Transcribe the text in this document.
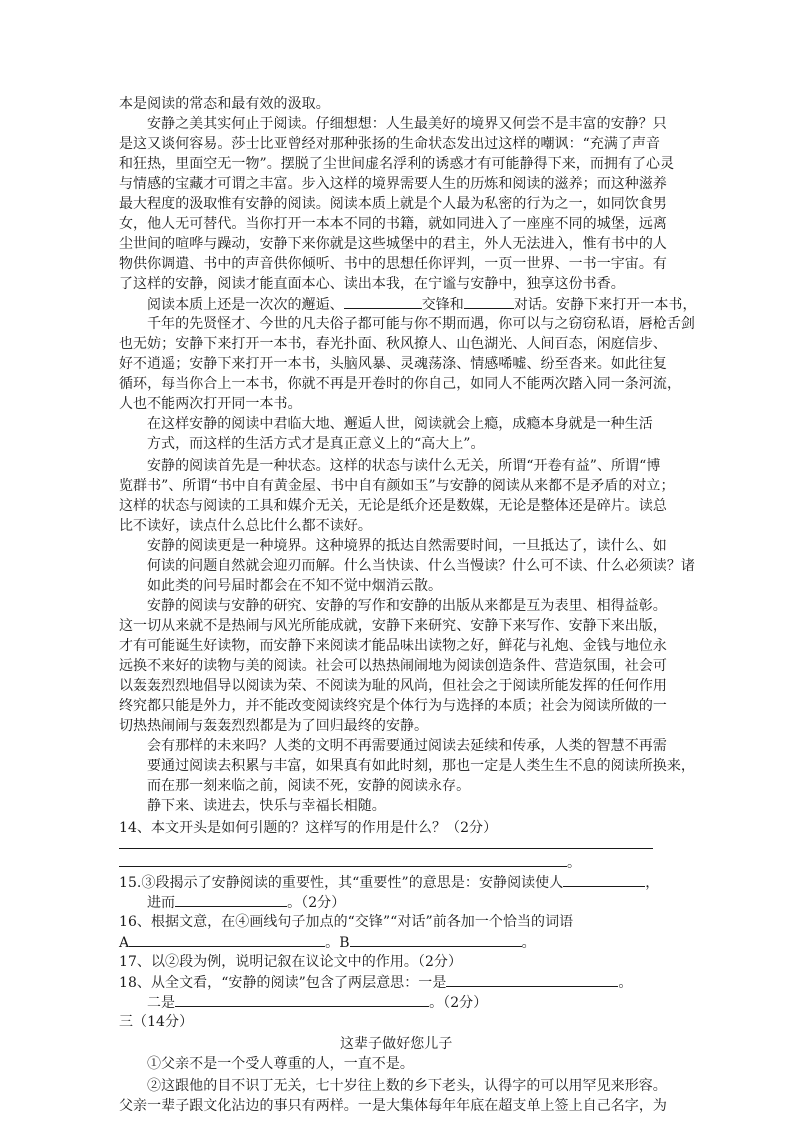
本是阅读的常态和最有效的汲取。
安静之美其实何止于阅读。仔细想想：人生最美好的境界又何尝不是丰富的安静？只
是这又谈何容易。莎士比亚曾经对那种张扬的生命状态发出过这样的嘲讽：“充满了声音
和狂热，里面空无一物”。摆脱了尘世间虚名浮利的诱惑才有可能静得下来，而拥有了心灵
与情感的宝藏才可谓之丰富。步入这样的境界需要人生的历炼和阅读的滋养；而这种滋养
最大程度的汲取惟有安静的阅读。阅读本质上就是个人最为私密的行为之一，如同饮食男
女，他人无可替代。当你打开一本本不同的书籍，就如同进入了一座座不同的城堡，远离
尘世间的喧哗与躁动，安静下来你就是这些城堡中的君主，外人无法进入，惟有书中的人
物供你调遣、书中的声音供你倾听、书中的思想任你评判，一页一世界、一书一宇宙。有
了这样的安静，阅读才能直面本心、读出本我，在宁谧与安静中，独享这份书香。
阅读本质上还是一次次的邂逅、	交锋和	对话。安静下来打开一本书，
千年的先贤怪才、今世的凡夫俗子都可能与你不期而遇，你可以与之窃窃私语，唇枪舌剑
也无妨；安静下来打开一本书，春光扑面、秋风撩人、山色湖光、人间百态，闲庭信步、
好不逍遥；安静下来打开一本书，头脑风暴、灵魂荡涤、情感唏嘘、纷至沓来。如此往复
循环，每当你合上一本书，你就不再是开卷时的你自己，如同人不能两次踏入同一条河流，
人也不能两次打开同一本书。
在这样安静的阅读中君临大地、邂逅人世，阅读就会上瘾，成瘾本身就是一种生活
方式，而这样的生活方式才是真正意义上的“高大上”。
安静的阅读首先是一种状态。这样的状态与读什么无关，所谓“开卷有益”、所谓“博
览群书”、所谓“书中自有黄金屋、书中自有颜如玉”与安静的阅读从来都不是矛盾的对立；
这样的状态与阅读的工具和媒介无关，无论是纸介还是数媒，无论是整体还是碎片。读总
比不读好，读点什么总比什么都不读好。
安静的阅读更是一种境界。这种境界的抵达自然需要时间，一旦抵达了，读什么、如
何读的问题自然就会迎刃而解。什么当快读、什么当慢读？什么可不读、什么必须读？诸
如此类的问号届时都会在不知不觉中烟消云散。
安静的阅读与安静的研究、安静的写作和安静的出版从来都是互为表里、相得益彰。
这一切从来就不是热闹与风光所能成就，安静下来研究、安静下来写作、安静下来出版，
才有可能诞生好读物，而安静下来阅读才能品味出读物之好，鲜花与礼炮、金钱与地位永
远换不来好的读物与美的阅读。社会可以热热闹闹地为阅读创造条件、营造氛围，社会可
以轰轰烈烈地倡导以阅读为荣、不阅读为耻的风尚，但社会之于阅读所能发挥的任何作用
终究都只能是外力，并不能改变阅读终究是个体行为与选择的本质；社会为阅读所做的一
切热热闹闹与轰轰烈烈都是为了回归最终的安静。
会有那样的未来吗？人类的文明不再需要通过阅读去延续和传承，人类的智慧不再需
要通过阅读去积累与丰富，如果真有如此时刻，那也一定是人类生生不息的阅读所换来，
而在那一刻来临之前，阅读不死，安静的阅读永存。
静下来、读进去，快乐与幸福长相随。
14、本文开头是如何引题的？这样写的作用是什么？（2分）
。
15.③段揭示了安静阅读的重要性，其“重要性”的意思是：安静阅读使人	，
进而	。（2分）
16、根据文意，在④画线句子加点的“交锋”“对话”前各加一个恰当的词语
A	。B	。
17、以②段为例，说明记叙在议论文中的作用。（2分）
18、从全文看，“安静的阅读”包含了两层意思：一是	。
二是	。（2分）
三（14分）
这辈子做好您儿子
①父亲不是一个受人尊重的人，一直不是。
②这跟他的目不识丁无关，七十岁往上数的乡下老头，认得字的可以用罕见来形容。
父亲一辈子跟文化沾边的事只有两样。一是大集体每年年底在超支单上签上自己名字，为
